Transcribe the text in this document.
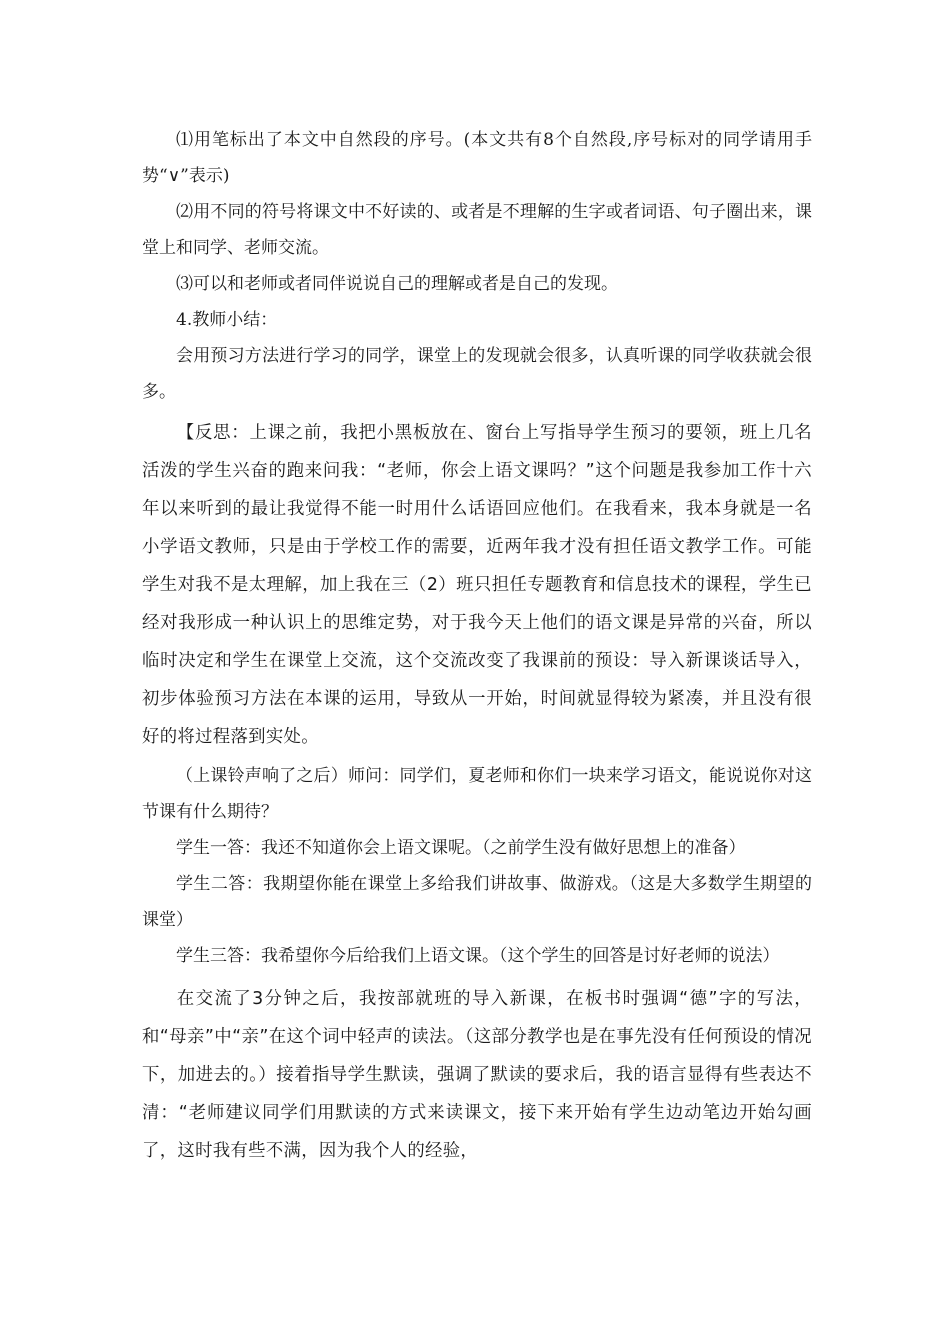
⑴用笔标出了本文中自然段的序号。(本文共有8个自然段,序号标对的同学请用手势“∨”表示)

⑵用不同的符号将课文中不好读的、或者是不理解的生字或者词语、句子圈出来，课堂上和同学、老师交流。

⑶可以和老师或者同伴说说自己的理解或者是自己的发现。

4.教师小结：

会用预习方法进行学习的同学，课堂上的发现就会很多，认真听课的同学收获就会很多。

【反思：上课之前，我把小黑板放在、窗台上写指导学生预习的要领，班上几名活泼的学生兴奋的跑来问我：“老师，你会上语文课吗？”这个问题是我参加工作十六年以来听到的最让我觉得不能一时用什么话语回应他们。在我看来，我本身就是一名小学语文教师，只是由于学校工作的需要，近两年我才没有担任语文教学工作。可能学生对我不是太理解，加上我在三（2）班只担任专题教育和信息技术的课程，学生已经对我形成一种认识上的思维定势，对于我今天上他们的语文课是异常的兴奋，所以临时决定和学生在课堂上交流，这个交流改变了我课前的预设：导入新课谈话导入，初步体验预习方法在本课的运用，导致从一开始，时间就显得较为紧凑，并且没有很好的将过程落到实处。

（上课铃声响了之后）师问：同学们，夏老师和你们一块来学习语文，能说说你对这节课有什么期待？

学生一答：我还不知道你会上语文课呢。（之前学生没有做好思想上的准备）

学生二答：我期望你能在课堂上多给我们讲故事、做游戏。（这是大多数学生期望的课堂）

学生三答：我希望你今后给我们上语文课。（这个学生的回答是讨好老师的说法）

在交流了3分钟之后，我按部就班的导入新课，在板书时强调“德”字的写法，和“母亲”中“亲”在这个词中轻声的读法。（这部分教学也是在事先没有任何预设的情况下，加进去的。）接着指导学生默读，强调了默读的要求后，我的语言显得有些表达不清：“老师建议同学们用默读的方式来读课文，接下来开始有学生边动笔边开始勾画了，这时我有些不满，因为我个人的经验，
